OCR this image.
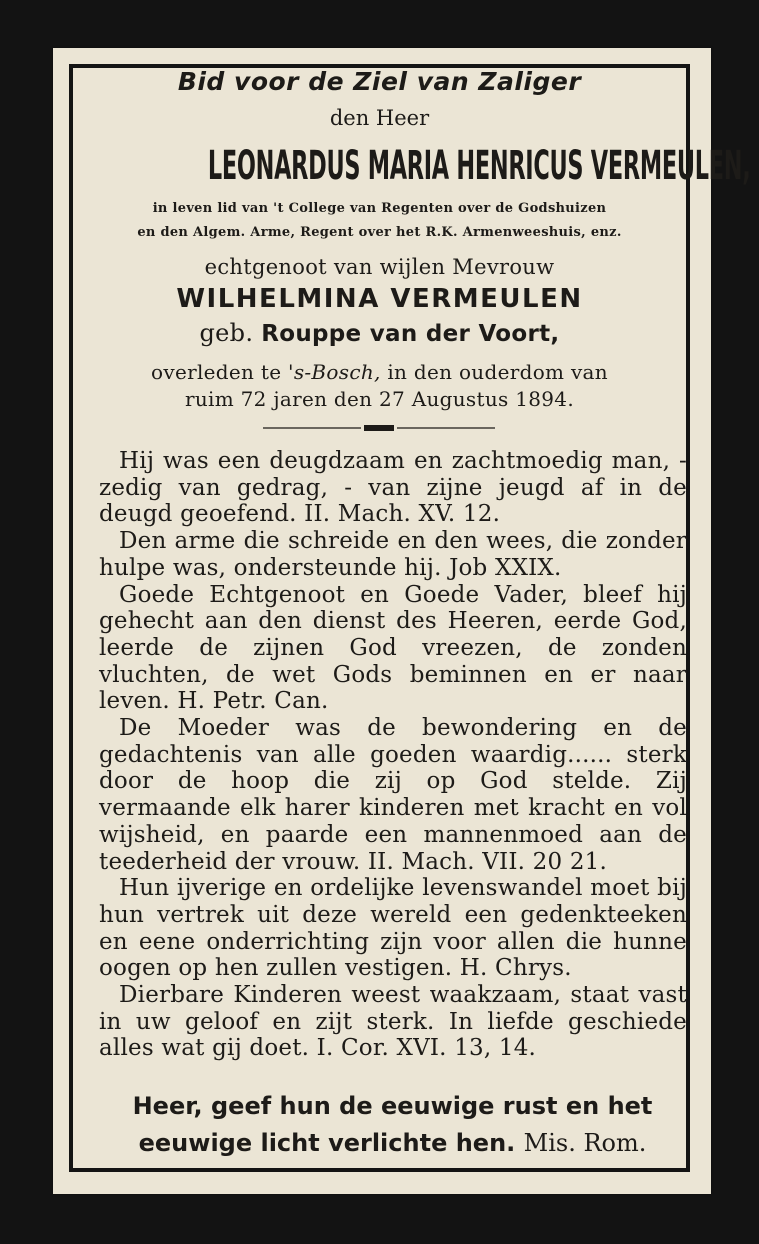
Bid voor de Ziel van Zaliger
den Heer
LEONARDUS MARIA HENRICUS VERMEULEN,
in leven lid van 't College van Regenten over de Godshuizen
en den Algem. Arme, Regent over het R.K. Armenweeshuis, enz.
echtgenoot van wijlen Mevrouw
WILHELMINA VERMEULEN
geb. Rouppe van der Voort,
overleden te 's-Bosch, in den ouderdom van
ruim 72 jaren den 27 Augustus 1894.

Hij was een deugdzaam en zachtmoedig man, - zedig van gedrag, - van zijne jeugd af in de deugd geoefend. II. Mach. XV. 12.

Den arme die schreide en den wees, die zonder hulpe was, ondersteunde hij. Job XXIX.

Goede Echtgenoot en Goede Vader, bleef hij gehecht aan den dienst des Heeren, eerde God, leerde de zijnen God vreezen, de zonden vluchten, de wet Gods beminnen en er naar leven. H. Petr. Can.

De Moeder was de bewondering en de gedachtenis van alle goeden waardig...... sterk door de hoop die zij op God stelde. Zij vermaande elk harer kinderen met kracht en vol wijsheid, en paarde een mannenmoed aan de teederheid der vrouw. II. Mach. VII. 20 21.

Hun ijverige en ordelijke levenswandel moet bij hun vertrek uit deze wereld een gedenkteeken en eene onderrichting zijn voor allen die hunne oogen op hen zullen vestigen. H. Chrys.

Dierbare Kinderen weest waakzaam, staat vast in uw geloof en zijt sterk. In liefde geschiede alles wat gij doet. I. Cor. XVI. 13, 14.

Heer, geef hun de eeuwige rust en het
eeuwige licht verlichte hen. Mis. Rom.
